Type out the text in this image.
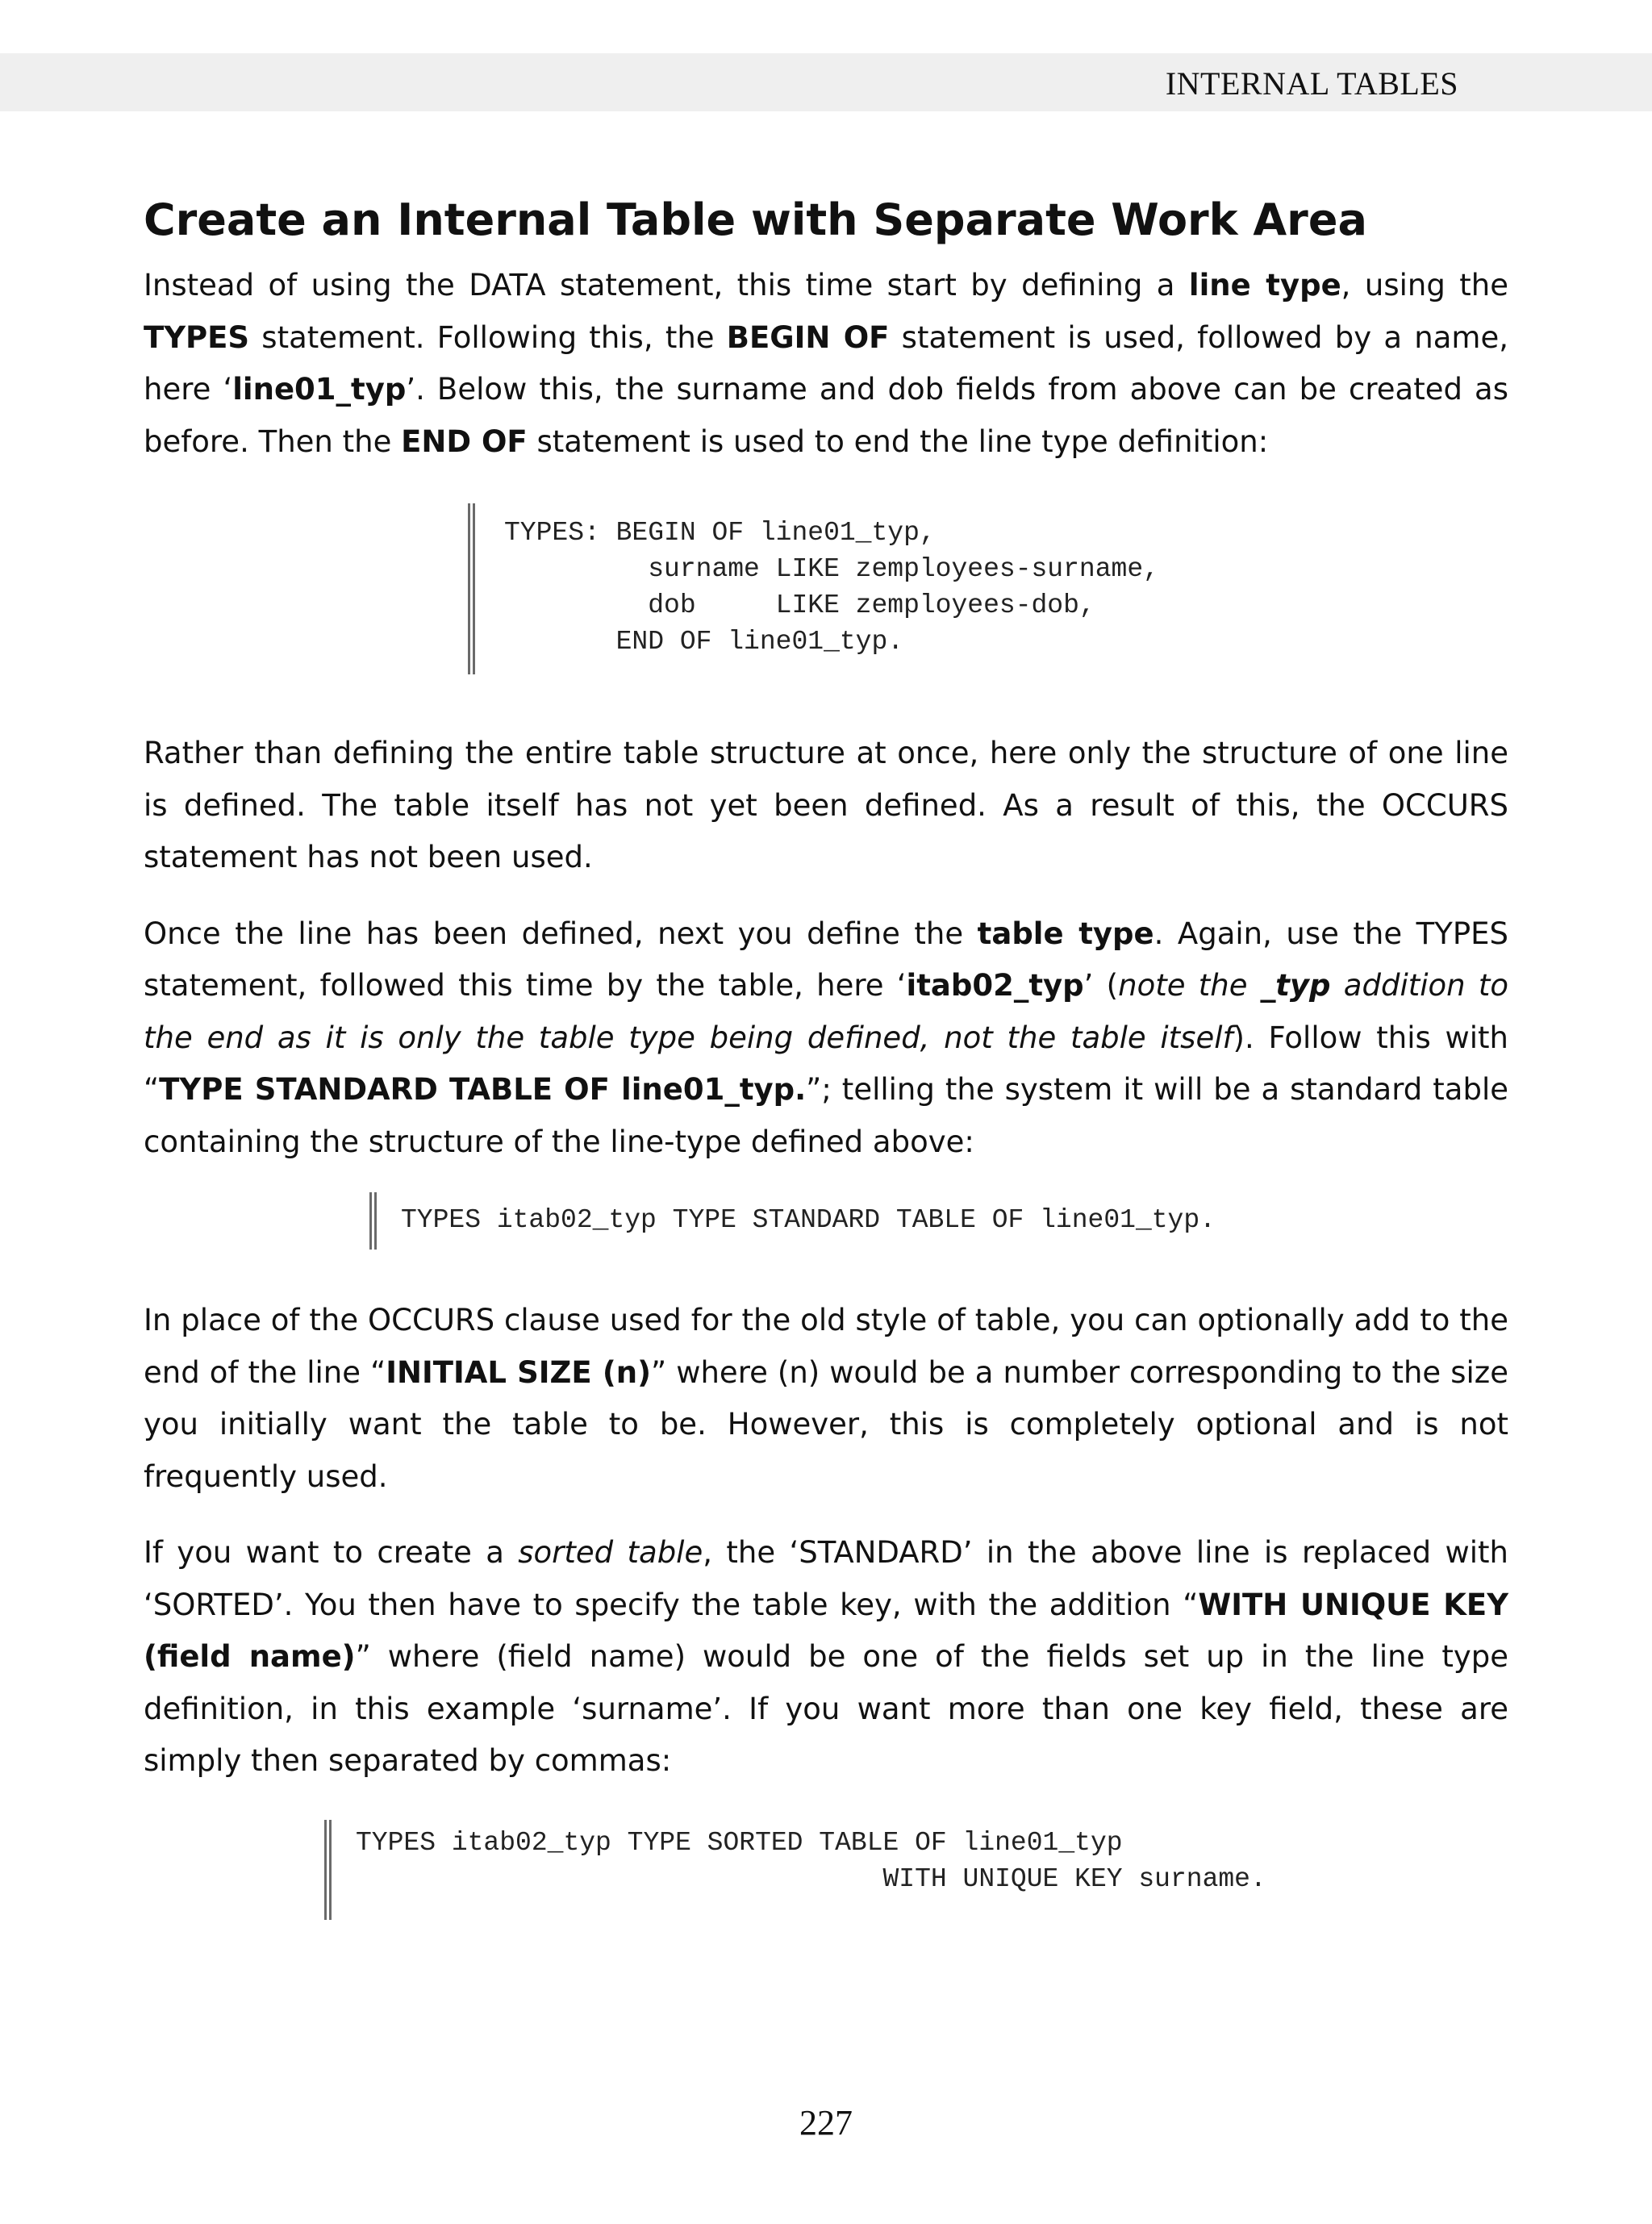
INTERNAL TABLES
Create an Internal Table with Separate Work Area

Instead of using the DATA statement, this time start by defining a line type, using the TYPES statement. Following this, the BEGIN OF statement is used, followed by a name, here ‘line01_typ’. Below this, the surname and dob fields from above can be created as before. Then the END OF statement is used to end the line type definition:

TYPES: BEGIN OF line01_typ,
surname LIKE zemployees-surname,
dob     LIKE zemployees-dob,
END OF line01_typ.

Rather than defining the entire table structure at once, here only the structure of one line is defined. The table itself has not yet been defined. As a result of this, the OCCURS statement has not been used.

Once the line has been defined, next you define the table type. Again, use the TYPES statement, followed this time by the table, here ‘itab02_typ’ (note the _typ addition to the end as it is only the table type being defined, not the table itself). Follow this with “TYPE STANDARD TABLE OF line01_typ.”; telling the system it will be a standard table containing the structure of the line-type defined above:

TYPES itab02_typ TYPE STANDARD TABLE OF line01_typ.

In place of the OCCURS clause used for the old style of table, you can optionally add to the end of the line “INITIAL SIZE (n)” where (n) would be a number corresponding to the size you initially want the table to be. However, this is completely optional and is not frequently used.

If you want to create a sorted table, the ‘STANDARD’ in the above line is replaced with ‘SORTED’. You then have to specify the table key, with the addition “WITH UNIQUE KEY (field name)” where (field name) would be one of the fields set up in the line type definition, in this example ‘surname’. If you want more than one key field, these are simply then separated by commas:

TYPES itab02_typ TYPE SORTED TABLE OF line01_typ
WITH UNIQUE KEY surname.
227
